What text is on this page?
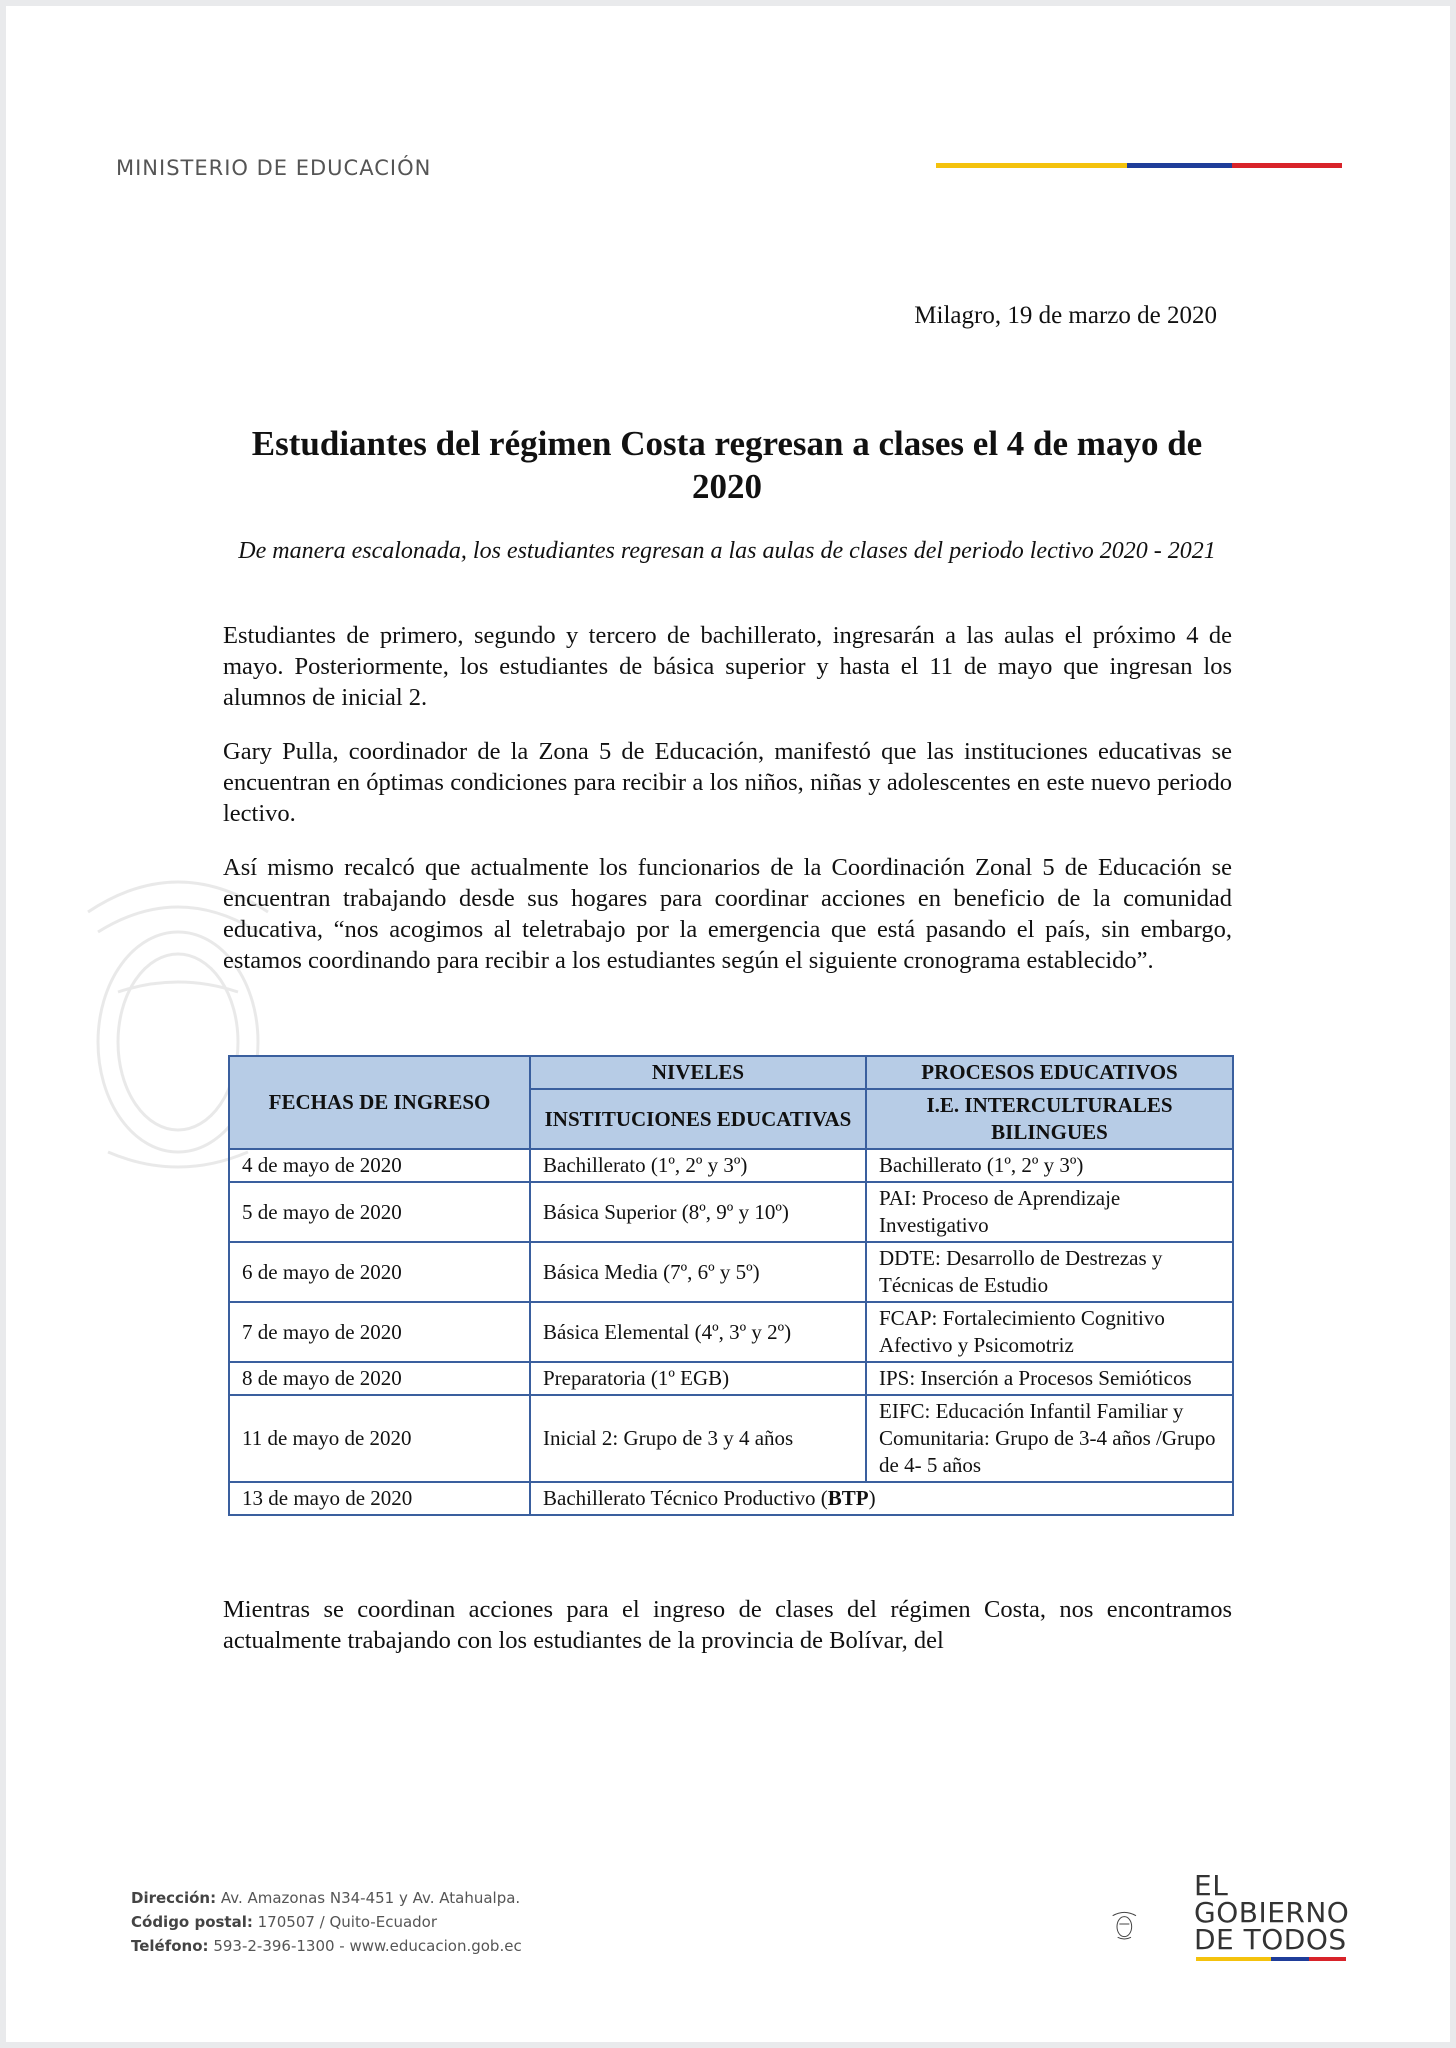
MINISTERIO DE EDUCACIÓN
Milagro, 19 de marzo de 2020
Estudiantes del régimen Costa regresan a clases el 4 de mayo de 2020
De manera escalonada, los estudiantes regresan a las aulas de clases del periodo lectivo 2020 - 2021

Estudiantes de primero, segundo y tercero de bachillerato, ingresarán a las aulas el próximo 4 de mayo. Posteriormente, los estudiantes de básica superior y hasta el 11 de mayo que ingresan los alumnos de inicial 2.

Gary Pulla, coordinador de la Zona 5 de Educación, manifestó que las instituciones educativas se encuentran en óptimas condiciones para recibir a los niños, niñas y adolescentes en este nuevo periodo lectivo.

Así mismo recalcó que actualmente los funcionarios de la Coordinación Zonal 5 de Educación se encuentran trabajando desde sus hogares para coordinar acciones en beneficio de la comunidad educativa, “nos acogimos al teletrabajo por la emergencia que está pasando el país, sin embargo, estamos coordinando para recibir a los estudiantes según el siguiente cronograma establecido”.

FECHAS DE INGRESO	NIVELES	PROCESOS EDUCATIVOS
	INSTITUCIONES EDUCATIVAS	I.E. INTERCULTURALES BILINGUES
4 de mayo de 2020	Bachillerato (1º, 2º y 3º)	Bachillerato (1º, 2º y 3º)
5 de mayo de 2020	Básica Superior (8º, 9º y 10º)	PAI: Proceso de Aprendizaje Investigativo
6 de mayo de 2020	Básica Media (7º, 6º y 5º)	DDTE: Desarrollo de Destrezas y Técnicas de Estudio
7 de mayo de 2020	Básica Elemental (4º, 3º y 2º)	FCAP: Fortalecimiento Cognitivo Afectivo y Psicomotriz
8 de mayo de 2020	Preparatoria (1º EGB)	IPS: Inserción a Procesos Semióticos
11 de mayo de 2020	Inicial 2: Grupo de 3 y 4 años	EIFC: Educación Infantil Familiar y Comunitaria: Grupo de 3-4 años /Grupo de 4- 5 años
13 de mayo de 2020	Bachillerato Técnico Productivo (BTP)	
Mientras se coordinan acciones para el ingreso de clases del régimen Costa, nos encontramos actualmente trabajando con los estudiantes de la provincia de Bolívar, del
Dirección: Av. Amazonas N34-451 y Av. Atahualpa.
Código postal: 170507 / Quito-Ecuador
Teléfono: 593-2-396-1300 - www.educacion.gob.ec
EL
GOBIERNO
DE TODOS
